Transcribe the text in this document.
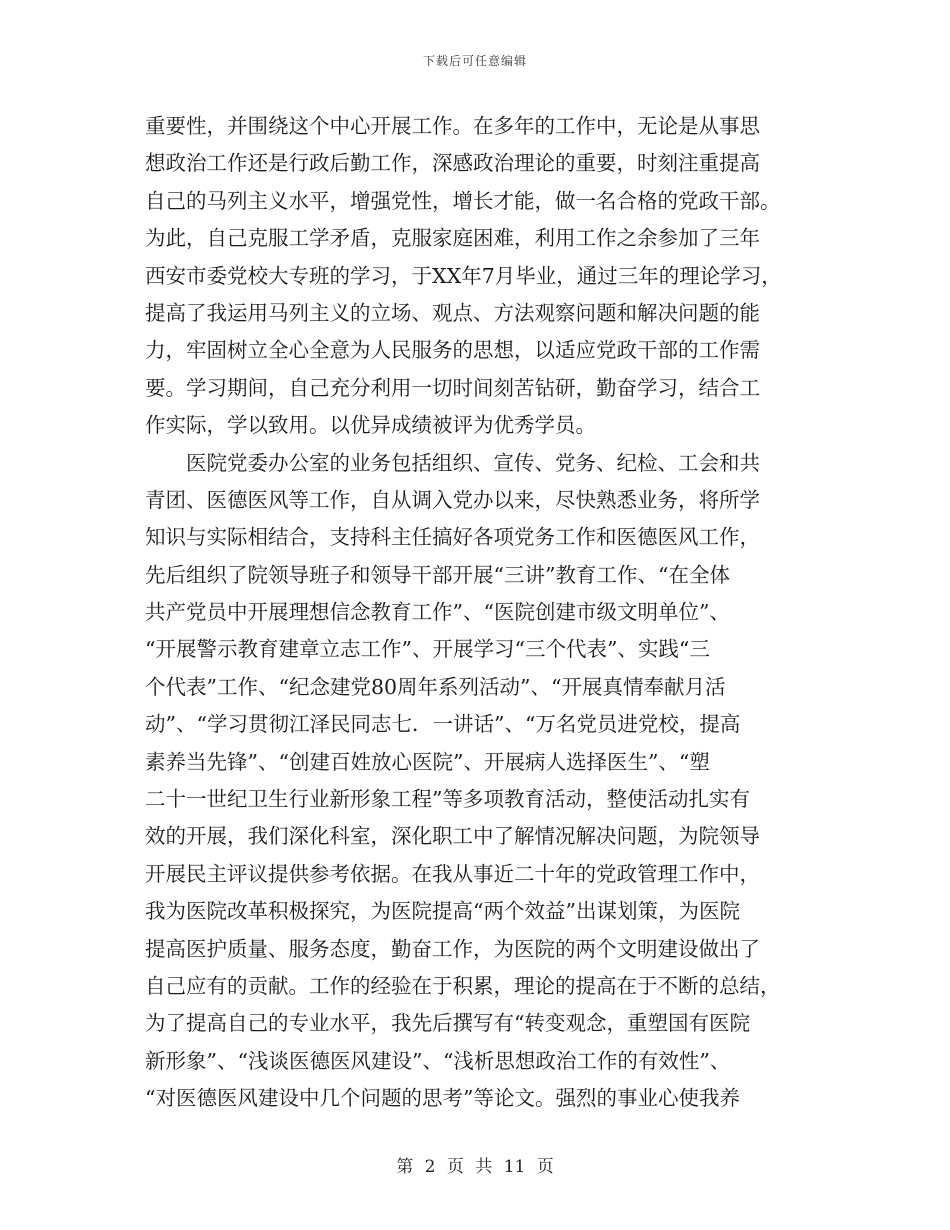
下载后可任意编辑
重要性，并围绕这个中心开展工作。在多年的工作中，无论是从事思
想政治工作还是行政后勤工作，深感政治理论的重要，时刻注重提高
自己的马列主义水平，增强党性，增长才能，做一名合格的党政干部。
为此，自己克服工学矛盾，克服家庭困难，利用工作之余参加了三年
西安市委党校大专班的学习，于XX年7月毕业，通过三年的理论学习，
提高了我运用马列主义的立场、观点、方法观察问题和解决问题的能
力，牢固树立全心全意为人民服务的思想，以适应党政干部的工作需
要。学习期间，自己充分利用一切时间刻苦钻研，勤奋学习，结合工
作实际，学以致用。以优异成绩被评为优秀学员。
　　医院党委办公室的业务包括组织、宣传、党务、纪检、工会和共
青团、医德医风等工作，自从调入党办以来，尽快熟悉业务，将所学
知识与实际相结合，支持科主任搞好各项党务工作和医德医风工作，
先后组织了院领导班子和领导干部开展“三讲”教育工作、“在全体
共产党员中开展理想信念教育工作”、“医院创建市级文明单位”、
“开展警示教育建章立志工作”、开展学习“三个代表”、实践“三
个代表”工作、“纪念建党80周年系列活动”、“开展真情奉献月活
动”、“学习贯彻江泽民同志七．一讲话”、“万名党员进党校，提高
素养当先锋”、“创建百姓放心医院”、开展病人选择医生”、“塑
二十一世纪卫生行业新形象工程”等多项教育活动，整使活动扎实有
效的开展，我们深化科室，深化职工中了解情况解决问题，为院领导
开展民主评议提供参考依据。在我从事近二十年的党政管理工作中，
我为医院改革积极探究，为医院提高“两个效益”出谋划策，为医院
提高医护质量、服务态度，勤奋工作，为医院的两个文明建设做出了
自己应有的贡献。工作的经验在于积累，理论的提高在于不断的总结，
为了提高自己的专业水平，我先后撰写有“转变观念，重塑国有医院
新形象”、“浅谈医德医风建设”、“浅析思想政治工作的有效性”、
“对医德医风建设中几个问题的思考”等论文。强烈的事业心使我养
第 2 页 共 11 页
